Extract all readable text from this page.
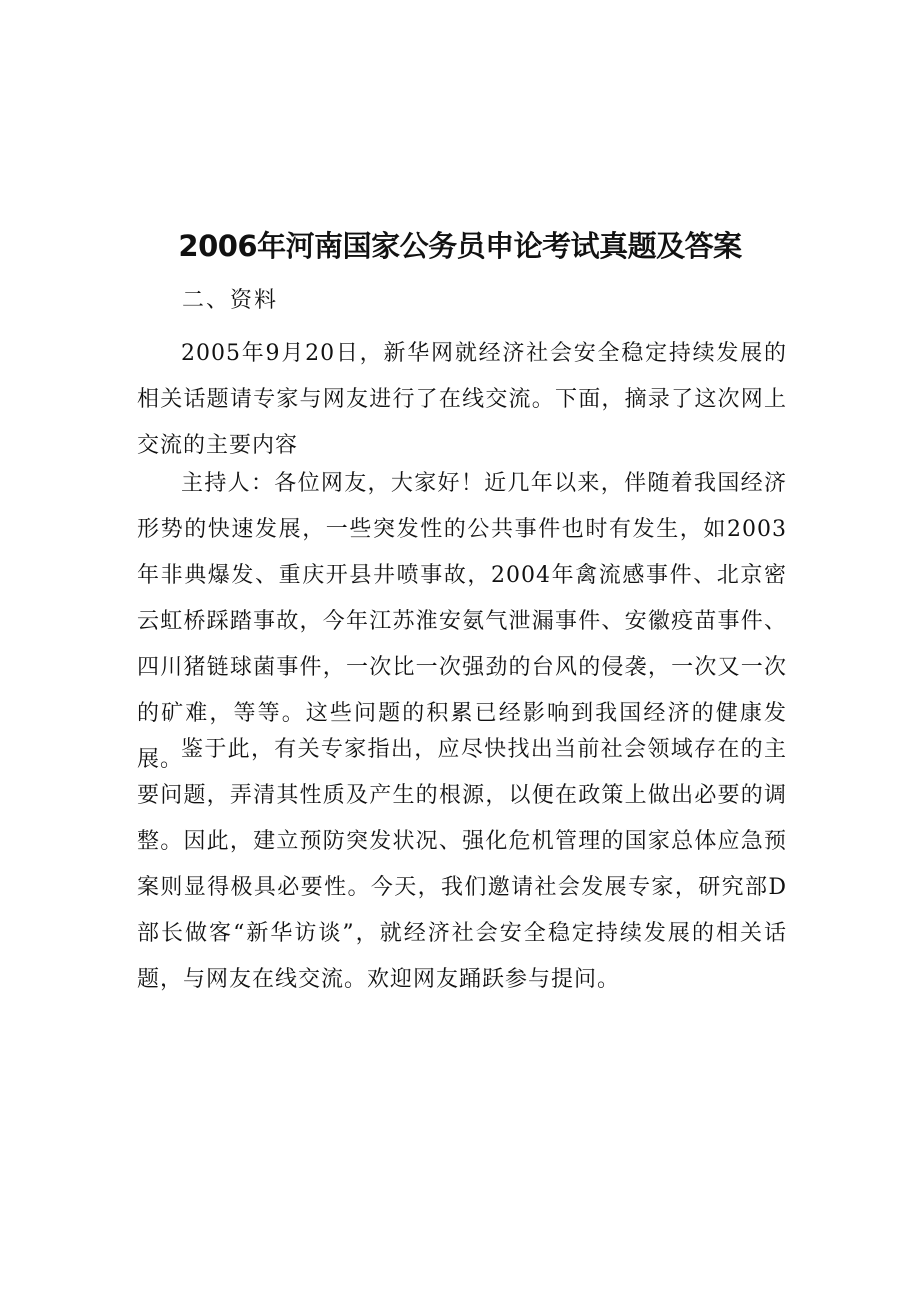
2006年河南国家公务员申论考试真题及答案

二、资料

2005年9月20日，新华网就经济社会安全稳定持续发展的相关话题请专家与网友进行了在线交流。下面，摘录了这次网上交流的主要内容

主持人：各位网友，大家好！近几年以来，伴随着我国经济形势的快速发展，一些突发性的公共事件也时有发生，如2003年非典爆发、重庆开县井喷事故，2004年禽流感事件、北京密云虹桥踩踏事故，今年江苏淮安氨气泄漏事件、安徽疫苗事件、四川猪链球菌事件，一次比一次强劲的台风的侵袭，一次又一次的矿难，等等。这些问题的积累已经影响到我国经济的健康发展。

鉴于此，有关专家指出，应尽快找出当前社会领域存在的主要问题，弄清其性质及产生的根源，以便在政策上做出必要的调整。因此，建立预防突发状况、强化危机管理的国家总体应急预案则显得极具必要性。今天，我们邀请社会发展专家，研究部D部长做客“新华访谈”，就经济社会安全稳定持续发展的相关话题，与网友在线交流。欢迎网友踊跃参与提问。
